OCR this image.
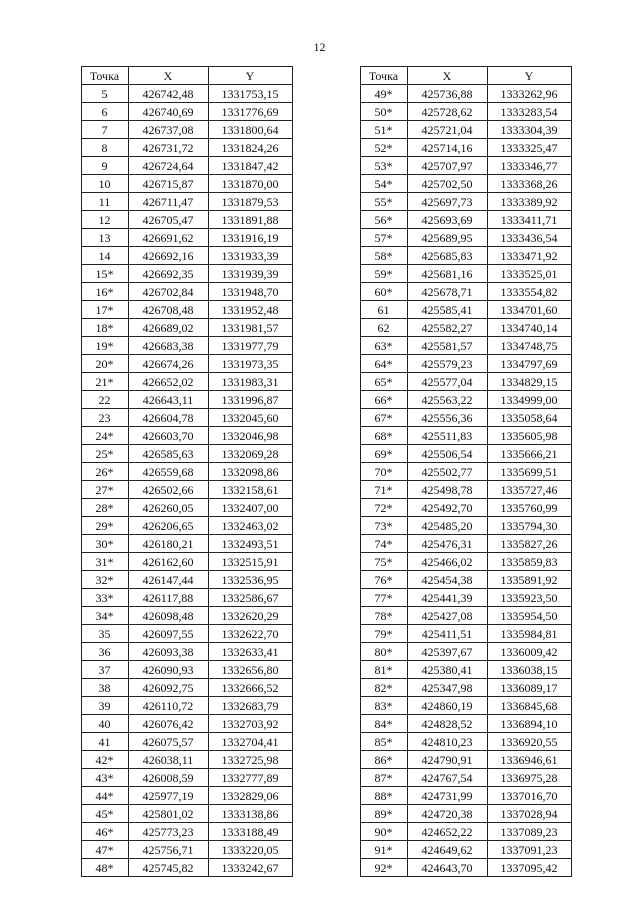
12
Точка	X	Y
5	426742,48	1331753,15
6	426740,69	1331776,69
7	426737,08	1331800,64
8	426731,72	1331824,26
9	426724,64	1331847,42
10	426715,87	1331870,00
11	426711,47	1331879,53
12	426705,47	1331891,88
13	426691,62	1331916,19
14	426692,16	1331933,39
15*	426692,35	1331939,39
16*	426702,84	1331948,70
17*	426708,48	1331952,48
18*	426689,02	1331981,57
19*	426683,38	1331977,79
20*	426674,26	1331973,35
21*	426652,02	1331983,31
22	426643,11	1331996,87
23	426604,78	1332045,60
24*	426603,70	1332046,98
25*	426585,63	1332069,28
26*	426559,68	1332098,86
27*	426502,66	1332158,61
28*	426260,05	1332407,00
29*	426206,65	1332463,02
30*	426180,21	1332493,51
31*	426162,60	1332515,91
32*	426147,44	1332536,95
33*	426117,88	1332586,67
34*	426098,48	1332620,29
35	426097,55	1332622,70
36	426093,38	1332633,41
37	426090,93	1332656,80
38	426092,75	1332666,52
39	426110,72	1332683,79
40	426076,42	1332703,92
41	426075,57	1332704,41
42*	426038,11	1332725,98
43*	426008,59	1332777,89
44*	425977,19	1332829,06
45*	425801,02	1333138,86
46*	425773,23	1333188,49
47*	425756,71	1333220,05
48*	425745,82	1333242,67
Точка	X	Y
49*	425736,88	1333262,96
50*	425728,62	1333283,54
51*	425721,04	1333304,39
52*	425714,16	1333325,47
53*	425707,97	1333346,77
54*	425702,50	1333368,26
55*	425697,73	1333389,92
56*	425693,69	1333411,71
57*	425689,95	1333436,54
58*	425685,83	1333471,92
59*	425681,16	1333525,01
60*	425678,71	1333554,82
61	425585,41	1334701,60
62	425582,27	1334740,14
63*	425581,57	1334748,75
64*	425579,23	1334797,69
65*	425577,04	1334829,15
66*	425563,22	1334999,00
67*	425556,36	1335058,64
68*	425511,83	1335605,98
69*	425506,54	1335666,21
70*	425502,77	1335699,51
71*	425498,78	1335727,46
72*	425492,70	1335760,99
73*	425485,20	1335794,30
74*	425476,31	1335827,26
75*	425466,02	1335859,83
76*	425454,38	1335891,92
77*	425441,39	1335923,50
78*	425427,08	1335954,50
79*	425411,51	1335984,81
80*	425397,67	1336009,42
81*	425380,41	1336038,15
82*	425347,98	1336089,17
83*	424860,19	1336845,68
84*	424828,52	1336894,10
85*	424810,23	1336920,55
86*	424790,91	1336946,61
87*	424767,54	1336975,28
88*	424731,99	1337016,70
89*	424720,38	1337028,94
90*	424652,22	1337089,23
91*	424649,62	1337091,23
92*	424643,70	1337095,42
